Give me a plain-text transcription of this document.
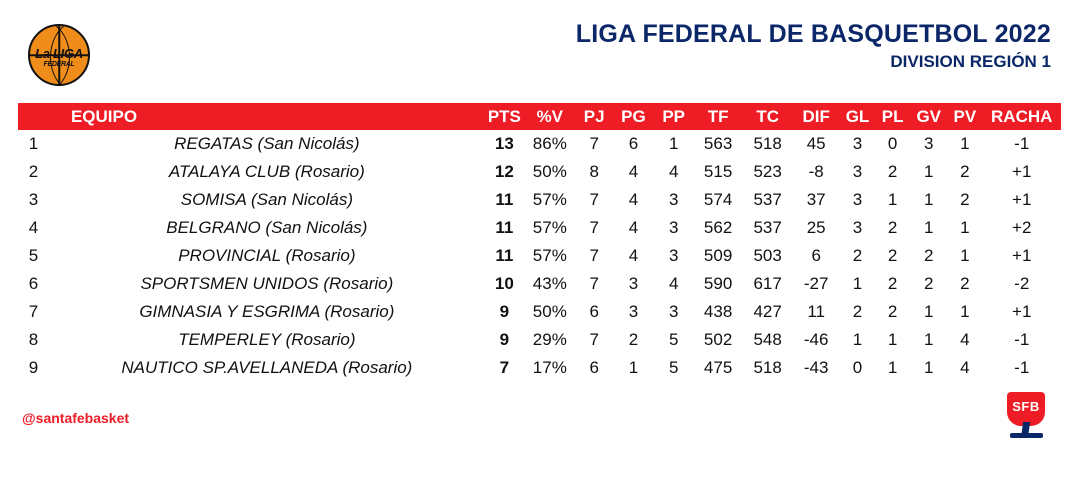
La LIGA
FEDERAL
LIGA FEDERAL DE BASQUETBOL 2022
DIVISION REGIÓN 1
	EQUIPO	PTS	%V	PJ	PG	PP	TF	TC	DIF	GL	PL	GV	PV	RACHA
1	REGATAS (San Nicolás)	13	86%	7	6	1	563	518	45	3	0	3	1	-1
2	ATALAYA CLUB (Rosario)	12	50%	8	4	4	515	523	-8	3	2	1	2	+1
3	SOMISA (San Nicolás)	11	57%	7	4	3	574	537	37	3	1	1	2	+1
4	BELGRANO (San Nicolás)	11	57%	7	4	3	562	537	25	3	2	1	1	+2
5	PROVINCIAL (Rosario)	11	57%	7	4	3	509	503	6	2	2	2	1	+1
6	SPORTSMEN UNIDOS (Rosario)	10	43%	7	3	4	590	617	-27	1	2	2	2	-2
7	GIMNASIA Y ESGRIMA (Rosario)	9	50%	6	3	3	438	427	11	2	2	1	1	+1
8	TEMPERLEY (Rosario)	9	29%	7	2	5	502	548	-46	1	1	1	4	-1
9	NAUTICO SP.AVELLANEDA (Rosario)	7	17%	6	1	5	475	518	-43	0	1	1	4	-1
@santafebasket
SFB
